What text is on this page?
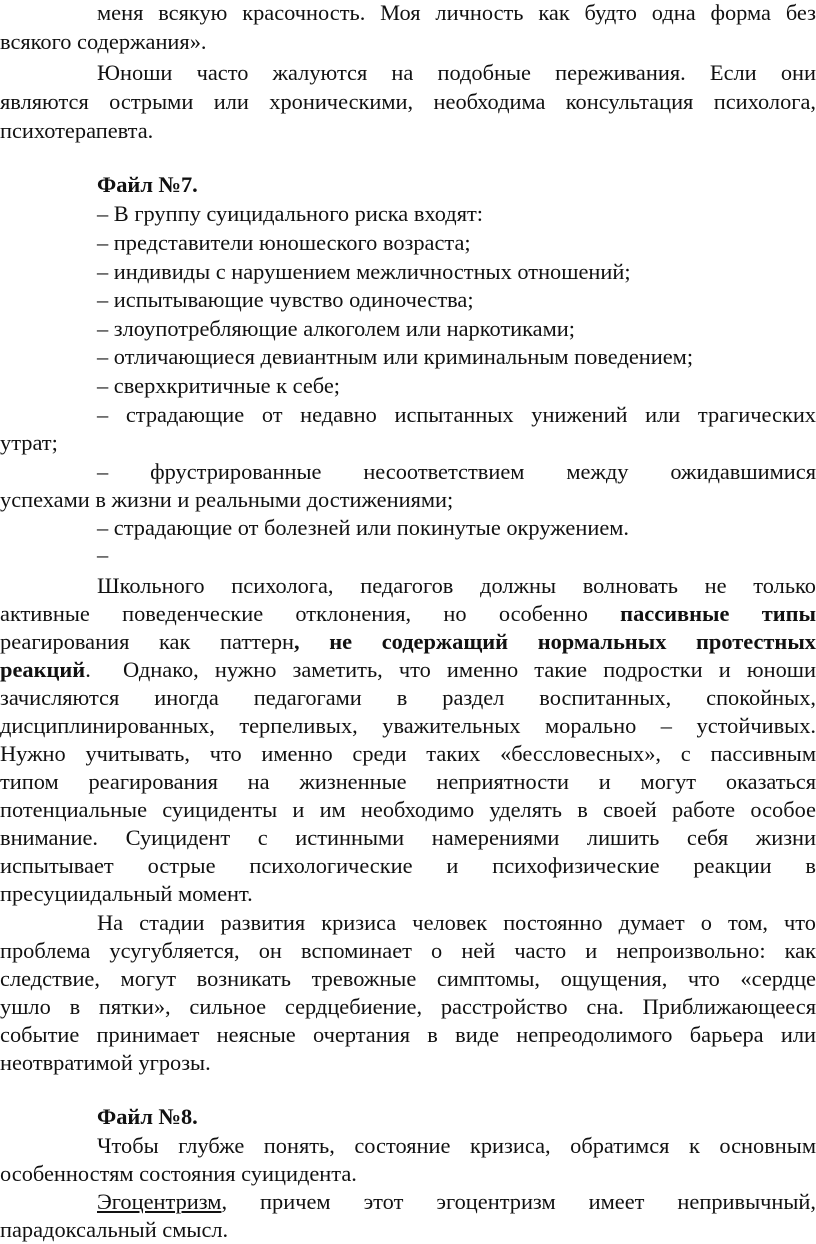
меня всякую красочность. Моя личность как будто одна форма без
всякого содержания».
Юноши часто жалуются на подобные переживания. Если они
являются острыми или хроническими, необходима консультация психолога,
психотерапевта.
Файл №7.
– В группу суицидального риска входят:
– представители юношеского возраста;
– индивиды с нарушением межличностных отношений;
– испытывающие чувство одиночества;
– злоупотребляющие алкоголем или наркотиками;
– отличающиеся девиантным или криминальным поведением;
– сверхкритичные к себе;
– страдающие от недавно испытанных унижений или трагических
утрат;
– фрустрированные несоответствием между ожидавшимися
успехами в жизни и реальными достижениями;
– страдающие от болезней или покинутые окружением.
–
Школьного психолога, педагогов должны волновать не только
активные поведенческие отклонения, но особенно пассивные типы
реагирования как паттерн, не содержащий нормальных протестных
реакций.  Однако, нужно заметить, что именно такие подростки и юноши
зачисляются иногда педагогами в раздел воспитанных, спокойных,
дисциплинированных, терпеливых, уважительных морально – устойчивых.
Нужно учитывать, что именно среди таких «бессловесных», с пассивным
типом реагирования на жизненные неприятности и могут оказаться
потенциальные суициденты и им необходимо уделять в своей работе особое
внимание. Суицидент с истинными намерениями лишить себя жизни
испытывает острые психологические и психофизические реакции в
пресуциидальный момент.
На стадии развития кризиса человек постоянно думает о том, что
проблема усугубляется, он вспоминает о ней часто и непроизвольно: как
следствие, могут возникать тревожные симптомы, ощущения, что «сердце
ушло в пятки», сильное сердцебиение, расстройство сна. Приближающееся
событие принимает неясные очертания в виде непреодолимого барьера или
неотвратимой угрозы.
Файл №8.
Чтобы глубже понять, состояние кризиса, обратимся к основным
особенностям состояния суицидента.
Эгоцентризм, причем этот эгоцентризм имеет непривычный,
парадоксальный смысл.
